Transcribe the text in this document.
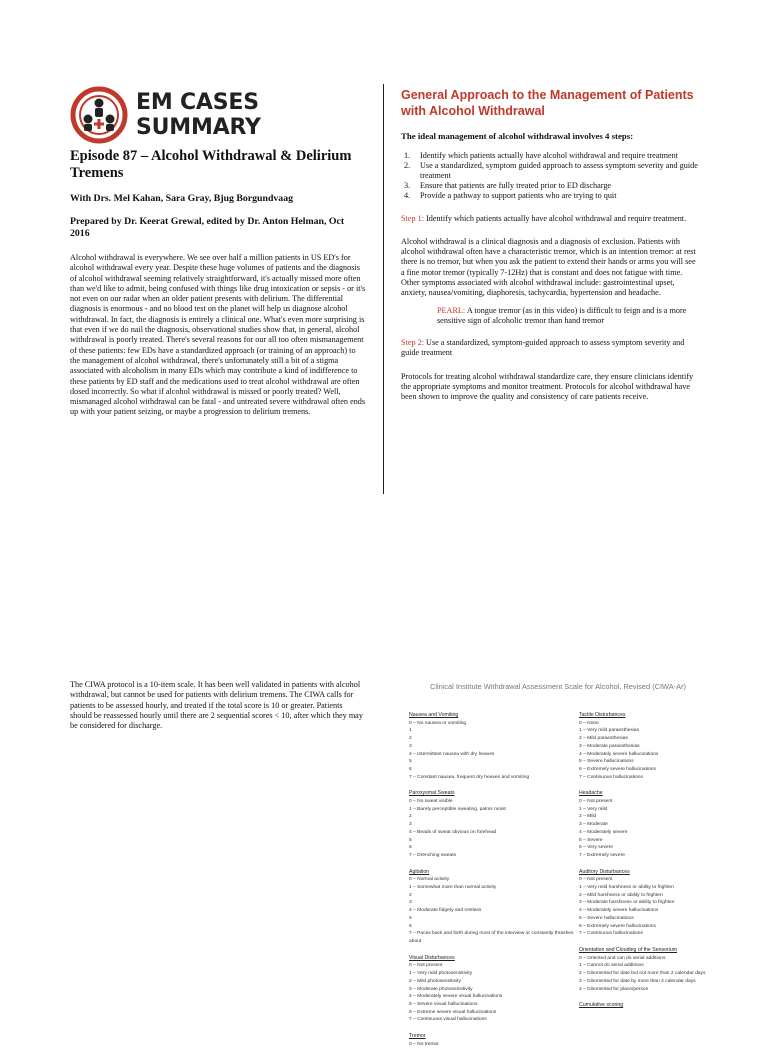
EM CASES SUMMARY
Episode 87 – Alcohol Withdrawal & Delirium Tremens

With Drs. Mel Kahan, Sara Gray, Bjug Borgundvaag

Prepared by Dr. Keerat Grewal, edited by Dr. Anton Helman, Oct 2016

Alcohol withdrawal is everywhere. We see over half a million patients in US ED's for alcohol withdrawal every year. Despite these huge volumes of patients and the diagnosis of alcohol withdrawal seeming relatively straightforward, it's actually missed more often than we'd like to admit, being confused with things like drug intoxication or sepsis - or it's not even on our radar when an older patient presents with delirium. The differential diagnosis is enormous - and no blood test on the planet will help us diagnose alcohol withdrawal. In fact, the diagnosis is entirely a clinical one. What's even more surprising is that even if we do nail the diagnosis, observational studies show that, in general, alcohol withdrawal is poorly treated. There's several reasons for our all too often mismanagement of these patients: few EDs have a standardized approach (or training of an approach) to the management of alcohol withdrawal, there's unfortunately still a bit of a stigma associated with alcoholism in many EDs which may contribute a kind of indifference to these patients by ED staff and the medications used to treat alcohol withdrawal are often dosed incorrectly. So what if alcohol withdrawal is missed or poorly treated? Well, mismanaged alcohol withdrawal can be fatal - and untreated severe withdrawal often ends up with your patient seizing, or maybe a progression to delirium tremens.

General Approach to the Management of Patients with Alcohol Withdrawal

The ideal management of alcohol withdrawal involves 4 steps:

1.	Identify which patients actually have alcohol withdrawal and require treatment
2.	Use a standardized, symptom guided approach to assess symptom severity and guide treatment
3.	Ensure that patients are fully treated prior to ED discharge
4.	Provide a pathway to support patients who are trying to quit

Step 1: Identify which patients actually have alcohol withdrawal and require treatment.

Alcohol withdrawal is a clinical diagnosis and a diagnosis of exclusion. Patients with alcohol withdrawal often have a characteristic tremor, which is an intention tremor: at rest there is no tremor, but when you ask the patient to extend their hands or arms you will see a fine motor tremor (typically 7-12Hz) that is constant and does not fatigue with time. Other symptoms associated with alcohol withdrawal include: gastrointestinal upset, anxiety, nausea/vomiting, diaphoresis, tachycardia, hypertension and headache.

PEARL: A tongue tremor (as in this video) is difficult to feign and is a more sensitive sign of alcoholic tremor than hand tremor

Step 2: Use a standardized, symptom-guided approach to assess symptom severity and guide treatment

Protocols for treating alcohol withdrawal standardize care, they ensure clinicians identify the appropriate symptoms and monitor treatment. Protocols for alcohol withdrawal have been shown to improve the quality and consistency of care patients receive.

The CIWA protocol is a 10-item scale. It has been well validated in patients with alcohol withdrawal, but cannot be used for patients with delirium tremens. The CIWA calls for patients to be assessed hourly, and treated if the total score is 10 or greater. Patients should be reassessed hourly until there are 2 sequential scores < 10, after which they may be considered for discharge.

Clinical Institute Withdrawal Assessment Scale for Alcohol, Revised (CIWA-Ar)
Nausea and Vomiting
0 – No nausea or vomiting
1
2
3
4 – Intermittent nausea with dry heaves
5
6
7 – Constant nausea, frequent dry heaves and vomiting
Paroxysmal Sweats
0 – No sweat visible
1 – Barely perceptible sweating, palms moist
2
3
4 – Beads of sweat obvious on forehead
5
6
7 – Drenching sweats
Agitation
0 – Normal activity
1 – Somewhat more than normal activity
2
3
4 – Moderate fidgety and restless
5
6
7 – Paces back and forth during most of the interview or constantly thrashes about
Visual Disturbances
0 – Not present
1 – Very mild photosensitivity
2 – Mild photosensitivity
3 – Moderate photosensitivity
4 – Moderately severe visual hallucinations
5 – Severe visual hallucinations
6 – Extreme severe visual hallucinations
7 – Continuous visual hallucinations
Tremor
0 – No tremor
Tactile Disturbances
0 – None
1 – Very mild paraesthesias
2 – Mild paraesthesias
3 – Moderate paraesthesias
4 – Moderately severe hallucinations
5 – Severe hallucinations
6 – Extremely severe hallucinations
7 – Continuous hallucinations
Headache
0 – Not present
1 – Very mild
2 – Mild
3 – Moderate
4 – Moderately severe
5 – Severe
6 – Very severe
7 – Extremely severe
Auditory Disturbances
0 – Not present
1 – Very mild harshness or ability to frighten
2 – Mild harshness or ability to frighten
3 – Moderate harshness or ability to frighten
4 – Moderately severe hallucinations
5 – Severe hallucinations
6 – Extremely severe hallucinations
7 – Continuous hallucinations
Orientation and Clouding of the Sensorium
0 – Oriented and can do serial additions
1 – Cannot do serial additions
2 – Disoriented for date but not more than 2 calendar days
3 – Disoriented for date by more than 2 calendar days
4 – Disoriented for place/person
Cumulative scoring
